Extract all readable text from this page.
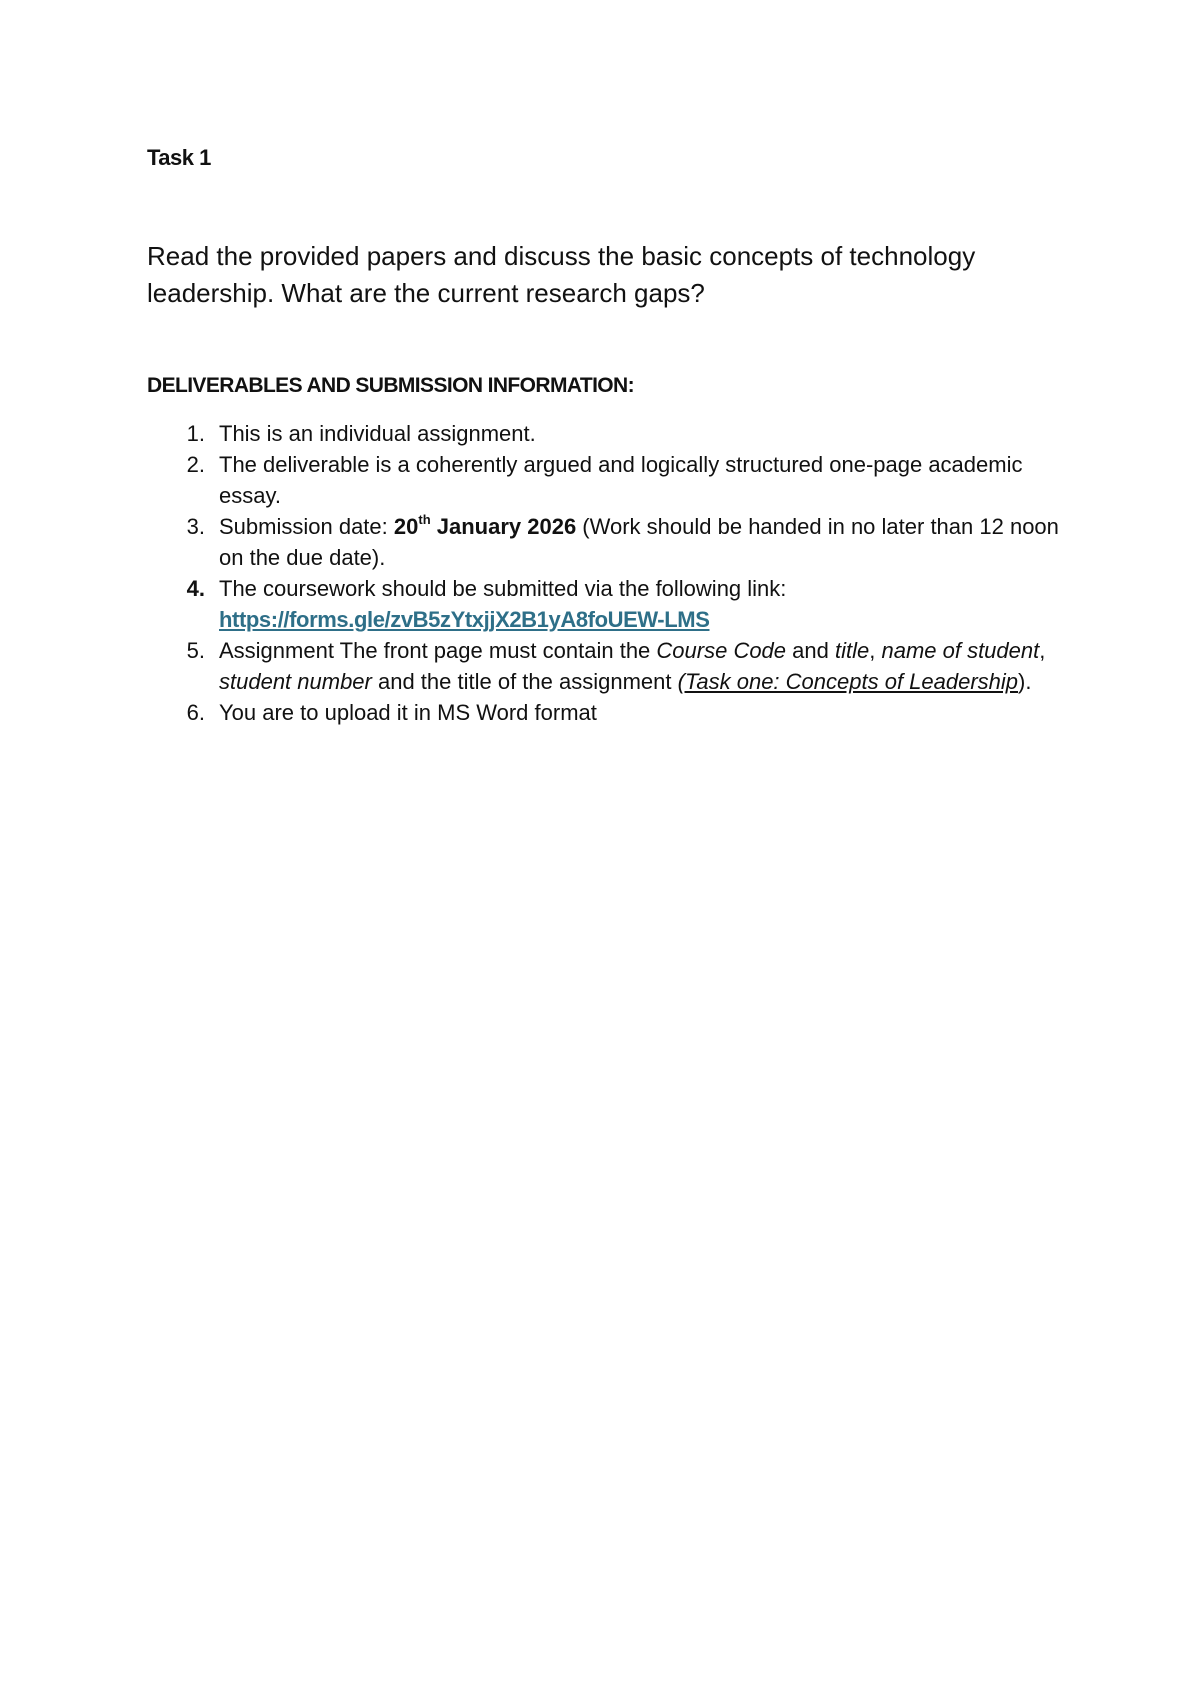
Task 1
Read the provided papers and discuss the basic concepts of technology
leadership. What are the current research gaps?
DELIVERABLES AND SUBMISSION INFORMATION:
1. This is an individual assignment.
2. The deliverable is a coherently argued and logically structured one-page academic essay.
3. Submission date: 20th January 2026 (Work should be handed in no later than 12 noon on the due date).
4. The coursework should be submitted via the following link:
https://forms.gle/zvB5zYtxjjX2B1yA8foUEW-LMS
5. Assignment The front page must contain the Course Code and title, name of student, student number and the title of the assignment (Task one: Concepts of Leadership).
6. You are to upload it in MS Word format
